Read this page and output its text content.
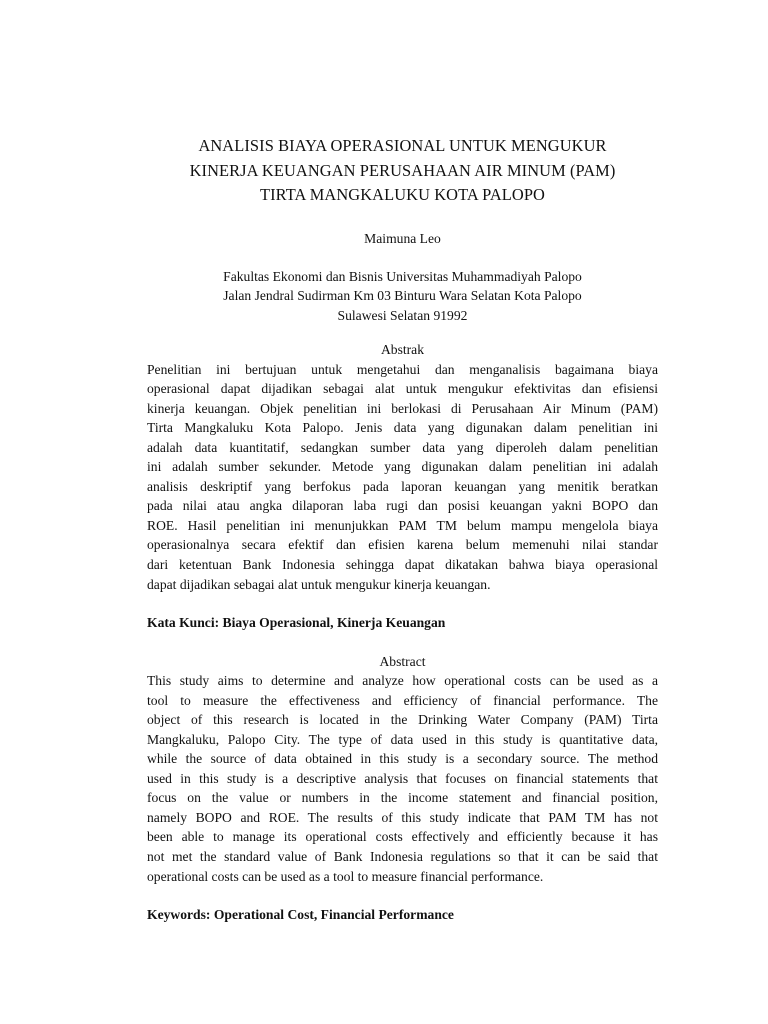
ANALISIS BIAYA OPERASIONAL UNTUK MENGUKUR
KINERJA KEUANGAN PERUSAHAAN AIR MINUM (PAM)
TIRTA MANGKALUKU KOTA PALOPO

Maimuna Leo

Fakultas Ekonomi dan Bisnis Universitas Muhammadiyah Palopo
Jalan Jendral Sudirman Km 03 Binturu Wara Selatan Kota Palopo
Sulawesi Selatan 91992

Abstrak

Penelitian ini bertujuan untuk mengetahui dan menganalisis bagaimana biaya
operasional dapat dijadikan sebagai alat untuk mengukur efektivitas dan efisiensi
kinerja keuangan. Objek penelitian ini berlokasi di Perusahaan Air Minum (PAM)
Tirta Mangkaluku Kota Palopo. Jenis data yang digunakan dalam penelitian ini
adalah data kuantitatif, sedangkan sumber data yang diperoleh dalam penelitian
ini adalah sumber sekunder. Metode yang digunakan dalam penelitian ini adalah
analisis deskriptif yang berfokus pada laporan keuangan yang menitik beratkan
pada nilai atau angka dilaporan laba rugi dan posisi keuangan yakni BOPO dan
ROE. Hasil penelitian ini menunjukkan PAM TM belum mampu mengelola biaya
operasionalnya secara efektif dan efisien karena belum memenuhi nilai standar
dari ketentuan Bank Indonesia sehingga dapat dikatakan bahwa biaya operasional
dapat dijadikan sebagai alat untuk mengukur kinerja keuangan.

Kata Kunci: Biaya Operasional, Kinerja Keuangan

Abstract

This study aims to determine and analyze how operational costs can be used as a
tool to measure the effectiveness and efficiency of financial performance. The
object of this research is located in the Drinking Water Company (PAM) Tirta
Mangkaluku, Palopo City. The type of data used in this study is quantitative data,
while the source of data obtained in this study is a secondary source. The method
used in this study is a descriptive analysis that focuses on financial statements that
focus on the value or numbers in the income statement and financial position,
namely BOPO and ROE. The results of this study indicate that PAM TM has not
been able to manage its operational costs effectively and efficiently because it has
not met the standard value of Bank Indonesia regulations so that it can be said that
operational costs can be used as a tool to measure financial performance.

Keywords: Operational Cost, Financial Performance
